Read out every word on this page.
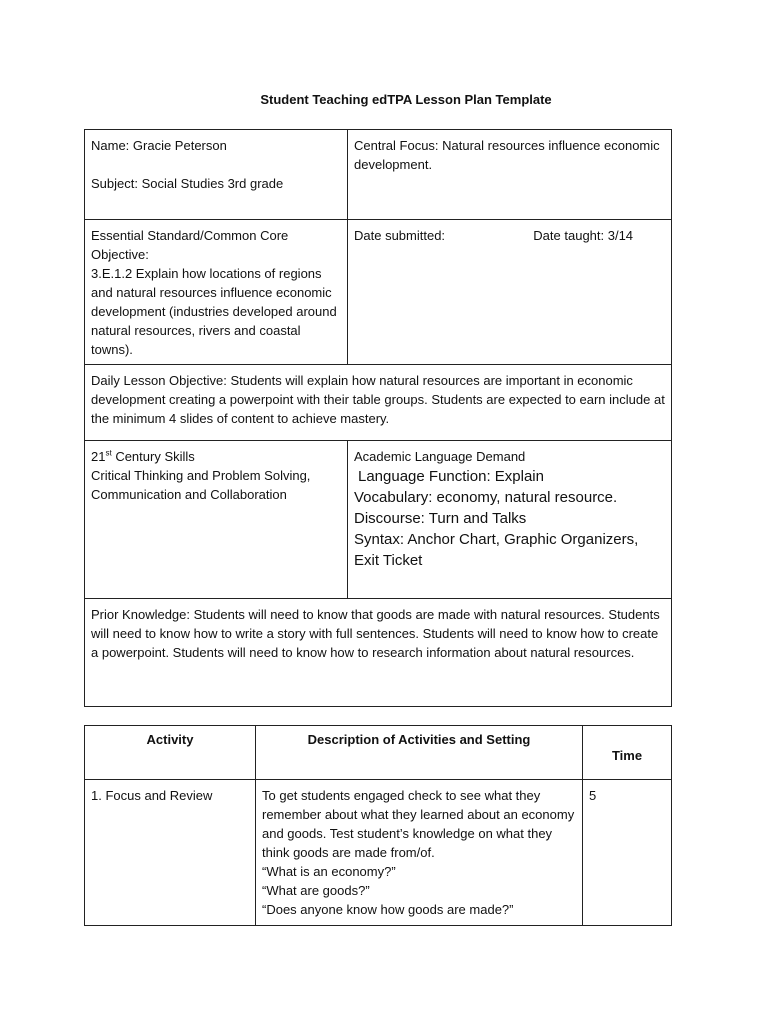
Student Teaching edTPA Lesson Plan Template
Name: Gracie Peterson
Subject: Social Studies 3rd grade	Central Focus: Natural resources influence economic development.

Essential Standard/Common Core
Objective:
3.E.1.2 Explain how locations of regions and natural resources influence economic development (industries developed around natural resources, rivers and coastal towns).	Date submitted: Date taught: 3/14
Daily Lesson Objective: Students will explain how natural resources are important in economic development creating a powerpoint with their table groups. Students are expected to earn include at the minimum 4 slides of content to achieve mastery.	

21st Century Skills
Critical Thinking and Problem Solving, Communication and Collaboration	Academic Language Demand
Language Function: Explain
Vocabulary: economy, natural resource.
Discourse: Turn and Talks
Syntax: Anchor Chart, Graphic Organizers, Exit Ticket

Prior Knowledge: Students will need to know that goods are made with natural resources. Students will need to know how to write a story with full sentences. Students will need to know how to create a powerpoint. Students will need to know how to research information about natural resources.	
Activity	Description of Activities and Setting	Time
1. Focus and Review	To get students engaged check to see what they remember about what they learned about an economy and goods. Test student’s knowledge on what they think goods are made from/of.
“What is an economy?”
“What are goods?”
“Does anyone know how goods are made?”	5
